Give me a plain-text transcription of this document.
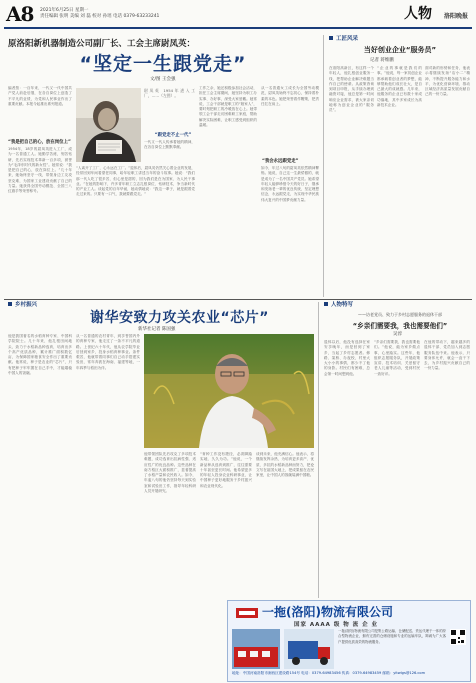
A8 2021年6月25日 星期一
责任编辑 张明 美编 刘 磊 校对 孙瑶 电话 0379-63233241	人物 洛阳晚报
原洛阳新机器制造公司副厂长、工会主席尉凤英：
“坚定一生跟党走”
文/图 王会强
编者按：一百年来，一代又一代中国共产党人前赴后继，在各自岗位上创造了不平凡的业绩，为党和人民事业作出了重要贡献。本报今起推出系列报道。
“我是把自己的心，放在岗位上”
1954年，18岁的尉凤英进入工厂，成为一名普通工人。她勤学苦练，刻苦钻研，先后实现技术革新一百多项，被誉为“毛泽东时代的新女性”。她常说：“我是把自己的心，放在岗位上。”几十年来，她始终坚守一线，带领身边工友攻坚克难，为国家工业建设贡献了自己的力量。她获得全国劳动模范、全国三八红旗手等荣誉称号。
尉凤英 1954年进入工厂，……（左图）。
“跟党走不止一代”
一代又一代人传承着她的精神，在各自岗位上默默奉献。
“人离开了工厂，心永远在工厂。”退休后，尉凤英仍然关心着企业的发展，经常回到车间看望老同事，给年轻职工讲述当年的奋斗故事。她说：“我们那一代人吃了很多苦，但心里是甜的，因为我们是在为国家、为人民干事业。”在她的影响下，许多青年职工立志扎根岗位、钻研技术，争当新时代的产业工人。谈起党的百年华诞，她动情地说：“我这一辈子，就是跟着党走过来的。只要有一口气，我就要跟党走。”
工作之余，她还积极参加社会活动，担任工会主席期间，她坚持为职工办实事、办好事，深受大家爱戴。她常说，工会干部就是职工的“娘家人”，要时刻把职工的冷暖放在心上。她带领工会干部走访困难职工家庭，帮助解决实际困难，让职工感受到组织的温暖。
“我会永远跟党走”
从一名普通女工成长为全国劳动模范，尉凤英始终不忘初心，保持着朴素的本色。她把荣誉看作鞭策，把责任扛在肩上。
如今，年过八旬的尉凤英依然精神矍铄。她说，自己这一生最骄傲的，就是成为了一名中国共产党员。她希望年轻人能够珍惜今天的好日子，继承和发扬老一辈的优良传统，坚定理想信念，永远跟党走，为实现中华民族伟大复兴的中国梦贡献力量。
工匠风采
当好创业企业“服务员”
记者 蒋维鹏
在洛阳高新区，有这样一个年轻人，他扎根创业服务一线，把帮助企业解决难题当作自己的使命。从政策咨询到项目申报，从手续办理到融资对接，他总是第一时间响应企业需求，被大家亲切地称为创业企业的“服务员”。
“企业的事就是我们的事。”他说，每一家初创企业都承载着创业者的梦想，能够帮助他们成长壮大，是自己最大的成就感。几年来，他服务的企业已有数十家成功落地，其中多家成长为高新技术企业。
面对新的形势和任务，他表示将继续发扬“店小二”精神，不断提升服务能力和水平，为优化营商环境、推动区域经济高质量发展贡献自己的一份力量。
乡村振兴
谢华安致力攻关农业“芯片”
新华社记者 陈国强
他是我国著名的水稻育种专家、中国科学院院士。几十年来，他扎根田间地头，致力于水稻新品种选育，培育出多个高产优质品种，累计推广面积数亿亩，为保障国家粮食安全作出了重要贡献。他常说，种子是农业的“芯片”，只有把种子牢牢握在自己手中，才能端稳中国人的饭碗。
从一名普通的农村青年，到享誉国内外的育种专家，他走过了一条不平凡的道路。上世纪六十年代，他从农学院毕业后回到家乡，投身水稻育种事业。条件艰苦，他就带着同事们自己动手搭建实验田，常年奔波在海南、福建等地，一年四季与稻田为伴。
他带领团队先后攻克了多项技术难题，成功选育出抗病性强、适应性广的优良品种。这些品种在南方稻区大面积推广，显著提高了水稻产量和农民收入。如今，年逾八旬的他仍坚持每天到实验室和试验田工作，指导年轻科研人员开展研究。
“育种工作没有捷径，必须脚踏实地、久久为功。”他说，一个新品种从选育到推广，往往需要十年甚至更长时间。他希望更多的年轻人投身农业科研事业，让中国种子更好地服务于乡村振兴和农业现代化。
谈到未来，他充满信心。他表示，将继续发挥余热，为培育更多高产、优质、多抗的水稻新品种而努力，把论文写在祖国大地上，把成果留在农民家里，让中国人的饭碗装满中国粮。
人物特写
——访老党员、致力于乡村志愿服务的退休干部
“乡亲们需要我，我也需要他们”
吴淳
退休以后，他没有选择在家安享晚年，而是回到了家乡，当起了乡村志愿者。修路、架桥、办夜校，村里大大小小的事情，都少不了他的身影。村民们有困难，总会第一时间想到他。
“乡亲们需要我，我也需要他们。”他说，能为家乡做点事，心里踏实。这些年，他组织志愿服务队，开展政策宣讲、技术培训、关爱留守老人儿童等活动，受到村民一致好评。
在他的带动下，越来越多的退休干部、党员加入到志愿服务队伍中来。他表示，只要身体允许，就会一直干下去，为乡村振兴贡献自己的一份力量。
一拖(洛阳)物流有限公司
国家 AAAA 级 物 流 企 业
一拖(洛阳)物流有限公司是集公路运输、仓储配送、货运代理于一体的综合型物流企业，拥有完善的仓储设施和专业的运输车队，竭诚为广大客户提供优质高效的物流服务。
地址：中国河南洛阳市涧西区建设路154号 电话：0379-64983456 传真：0379-64983459 邮箱：yitwlgs@126.com
